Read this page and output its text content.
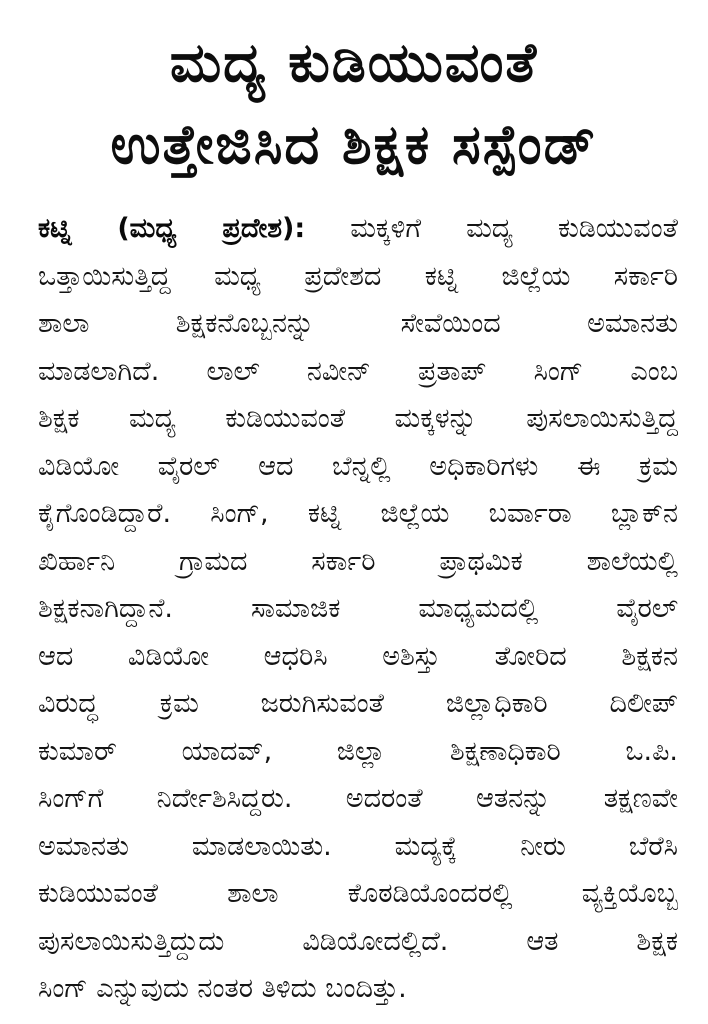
ಮದ್ಯ ಕುಡಿಯುವಂತೆ
ಉತ್ತೇಜಿಸಿದ ಶಿಕ್ಷಕ ಸಸ್ಪೆಂಡ್
ಕಟ್ನಿ (ಮಧ್ಯ ಪ್ರದೇಶ): ಮಕ್ಕಳಿಗೆ ಮದ್ಯ ಕುಡಿಯುವಂತೆ
ಒತ್ತಾಯಿಸುತ್ತಿದ್ದ ಮಧ್ಯ ಪ್ರದೇಶದ ಕಟ್ನಿ ಜಿಲ್ಲೆಯ ಸರ್ಕಾರಿ
ಶಾಲಾ ಶಿಕ್ಷಕನೊಬ್ಬನನ್ನು ಸೇವೆಯಿಂದ ಅಮಾನತು
ಮಾಡಲಾಗಿದೆ. ಲಾಲ್ ನವೀನ್ ಪ್ರತಾಪ್ ಸಿಂಗ್ ಎಂಬ
ಶಿಕ್ಷಕ ಮದ್ಯ ಕುಡಿಯುವಂತೆ ಮಕ್ಕಳನ್ನು ಪುಸಲಾಯಿಸುತ್ತಿದ್ದ
ವಿಡಿಯೋ ವೈರಲ್ ಆದ ಬೆನ್ನಲ್ಲಿ ಅಧಿಕಾರಿಗಳು ಈ ಕ್ರಮ
ಕೈಗೊಂಡಿದ್ದಾರೆ. ಸಿಂಗ್, ಕಟ್ನಿ ಜಿಲ್ಲೆಯ ಬರ್ವಾರಾ ಬ್ಲಾಕ್‌ನ
ಖಿರ್ಹಾನಿ ಗ್ರಾಮದ ಸರ್ಕಾರಿ ಪ್ರಾಥಮಿಕ ಶಾಲೆಯಲ್ಲಿ
ಶಿಕ್ಷಕನಾಗಿದ್ದಾನೆ. ಸಾಮಾಜಿಕ ಮಾಧ್ಯಮದಲ್ಲಿ ವೈರಲ್
ಆದ ವಿಡಿಯೋ ಆಧರಿಸಿ ಅಶಿಸ್ತು ತೋರಿದ ಶಿಕ್ಷಕನ
ವಿರುದ್ಧ ಕ್ರಮ ಜರುಗಿಸುವಂತೆ ಜಿಲ್ಲಾಧಿಕಾರಿ ದಿಲೀಪ್
ಕುಮಾರ್ ಯಾದವ್, ಜಿಲ್ಲಾ ಶಿಕ್ಷಣಾಧಿಕಾರಿ ಒ.ಪಿ.
ಸಿಂಗ್‌ಗೆ ನಿರ್ದೇಶಿಸಿದ್ದರು. ಅದರಂತೆ ಆತನನ್ನು ತಕ್ಷಣವೇ
ಅಮಾನತು ಮಾಡಲಾಯಿತು. ಮದ್ಯಕ್ಕೆ ನೀರು ಬೆರೆಸಿ
ಕುಡಿಯುವಂತೆ ಶಾಲಾ ಕೊಠಡಿಯೊಂದರಲ್ಲಿ ವ್ಯಕ್ತಿಯೊಬ್ಬ
ಪುಸಲಾಯಿಸುತ್ತಿದ್ದುದು ವಿಡಿಯೋದಲ್ಲಿದೆ. ಆತ ಶಿಕ್ಷಕ
ಸಿಂಗ್ ಎನ್ನುವುದು ನಂತರ ತಿಳಿದು ಬಂದಿತ್ತು.
